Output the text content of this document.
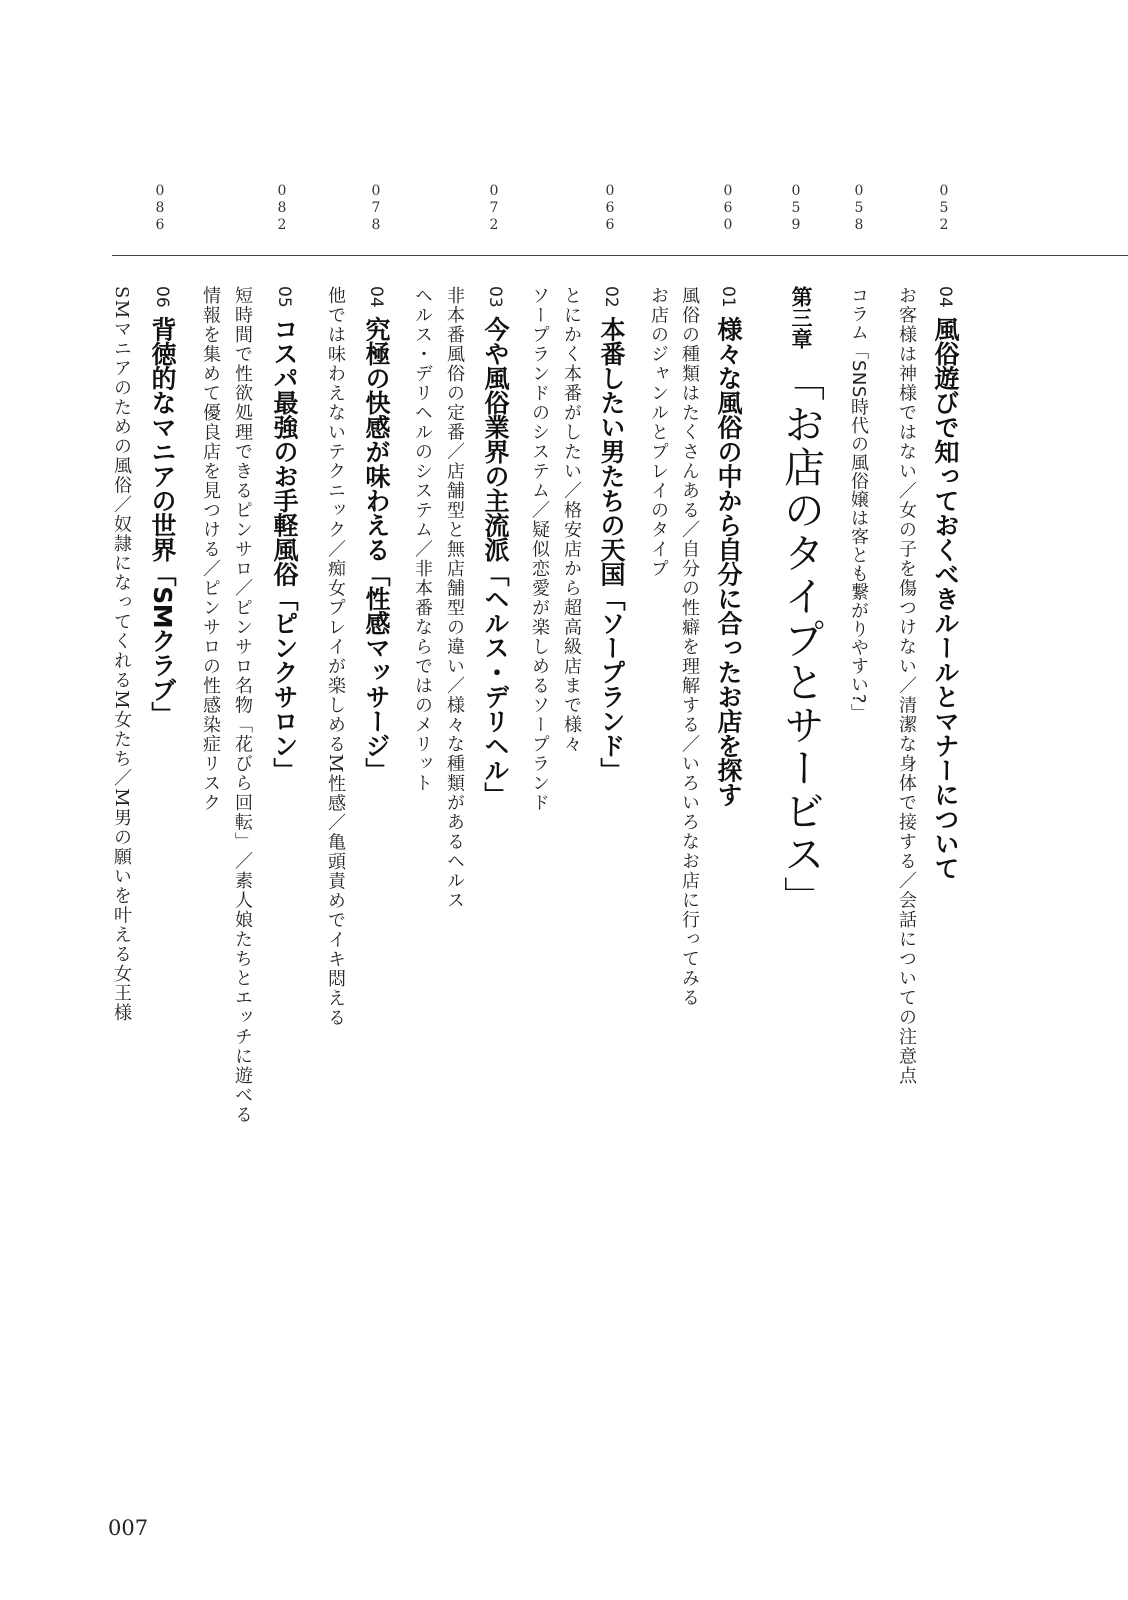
052
058
059
060
066
072
078
082
086
04 風俗遊びで知っておくべきルールとマナーについて
お客様は神様ではない／女の子を傷つけない／清潔な身体で接する／会話についての注意点
コラム「SNS時代の風俗嬢は客とも繋がりやすい?」
第三章 「お店のタイプとサービス」
01 様々な風俗の中から自分に合ったお店を探す
風俗の種類はたくさんある／自分の性癖を理解する／いろいろなお店に行ってみる
お店のジャンルとプレイのタイプ
02 本番したい男たちの天国「ソープランド」
とにかく本番がしたい／格安店から超高級店まで様々
ソープランドのシステム／疑似恋愛が楽しめるソープランド
03 今や風俗業界の主流派「ヘルス・デリヘル」
非本番風俗の定番／店舗型と無店舗型の違い／様々な種類があるヘルス
ヘルス・デリヘルのシステム／非本番ならではのメリット
04 究極の快感が味わえる「性感マッサージ」
他では味わえないテクニック／痴女プレイが楽しめるM性感／亀頭責めでイキ悶える
05 コスパ最強のお手軽風俗「ピンクサロン」
短時間で性欲処理できるピンサロ／ピンサロ名物「花びら回転」／素人娘たちとエッチに遊べる
情報を集めて優良店を見つける／ピンサロの性感染症リスク
06 背徳的なマニアの世界「SMクラブ」
SMマニアのための風俗／奴隷になってくれるM女たち／M男の願いを叶える女王様
007
